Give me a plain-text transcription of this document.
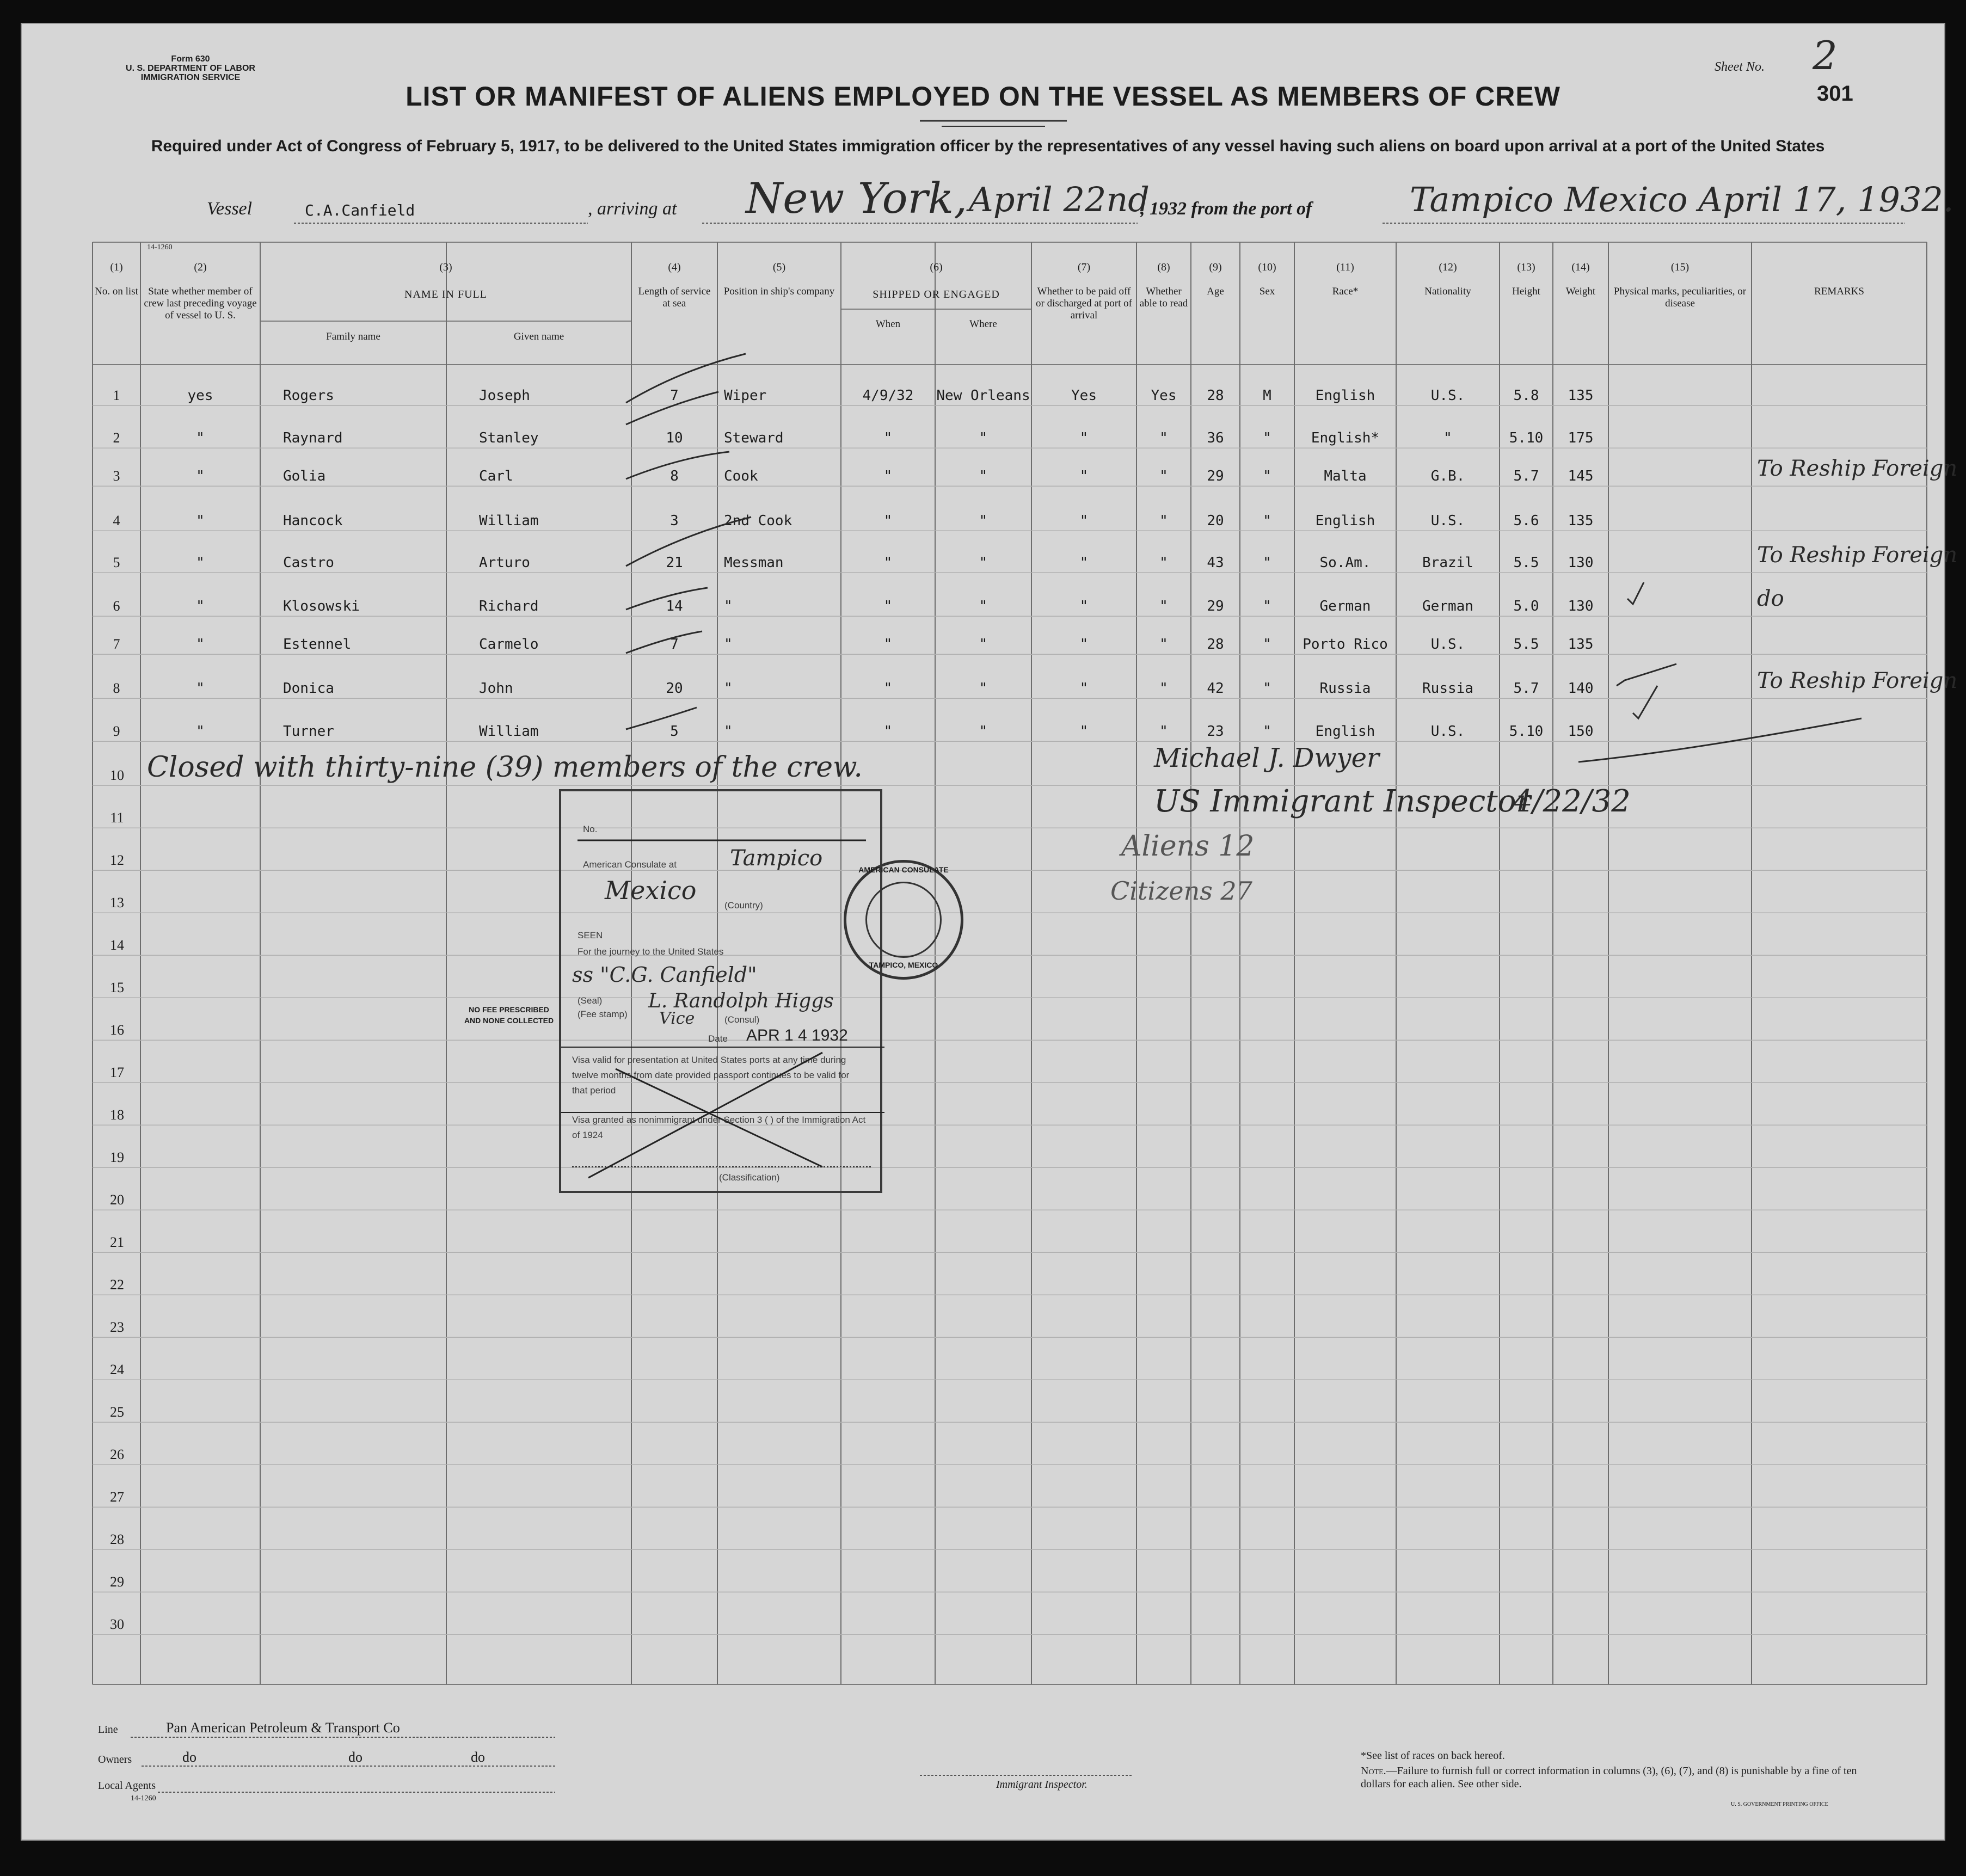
Form 630
U. S. DEPARTMENT OF LABOR
IMMIGRATION SERVICE
Sheet No. 2
301
LIST OR MANIFEST OF ALIENS EMPLOYED ON THE VESSEL AS MEMBERS OF CREW
Required under Act of Congress of February 5, 1917, to be delivered to the United States immigration officer by the representatives of any vessel having such aliens on board upon arrival at a port of the United States
Vessel	C.A.Canfield	, arriving at New York, April 22nd
, 1932 from the port of	Tampico Mexico April 17, 1932.
14-1260
(1)
No. on list
(2)
State whether member of crew last preceding voyage of vessel to U. S.
(3)
NAME IN FULL
Family name	Given name
(4)
Length of service at sea
(5)
Position in ship's company
(6)
SHIPPED OR ENGAGED
When	Where
(7)
Whether to be paid off or discharged at port of arrival
(8)
Whether able to read
(9)
Age
(10)
Sex
(11)
Race*
(12)
Nationality
(13)
Height
(14)
Weight
(15)
Physical marks, peculiarities, or disease
REMARKS
1	yes	Rogers	Joseph	7	Wiper	4/9/32	New Orleans	Yes	Yes	28	M	English	U.S.	5.8	135
2	"	Raynard	Stanley	10	Steward	"	"	"	"	36	"	English*	"	5.10	175
3	"	Golia	Carl	8	Cook	"	"	"	"	29	"	Malta	G.B.	5.7	145	To Reship Foreign
4	"	Hancock	William	3	2nd Cook	"	"	"	"	20	"	English	U.S.	5.6	135
5	"	Castro	Arturo	21	Messman	"	"	"	"	43	"	So.Am.	Brazil	5.5	130	To Reship Foreign
6	"	Klosowski	Richard	14	"	"	"	"	"	29	"	German	German	5.0	130	do
7	"	Estennel	Carmelo	7	"	"	"	"	"	28	"	Porto Rico	U.S.	5.5	135
8	"	Donica	John	20	"	"	"	"	"	42	"	Russia	Russia	5.7	140	To Reship Foreign
9	"	Turner	William	5	"	"	"	"	"	23	"	English	U.S.	5.10	150
10
11
12
13
14
15
16
17
18
19
20
21
22
23
24
25
26
27
28
29
30
Closed with thirty-nine (39) members of the crew.	Michael J. Dwyer
US Immigrant Inspector
4/22/32
Aliens 12
Citizens 27
No.
American Consulate at Tampico
Mexico
(Country)
SEEN
For the journey to the United States
ss "C.G. Canfield"
L. Randolph Higgs
Vice
(Seal)
(Consul)
(Fee stamp)
Date APR 1 4 1932
Visa valid for presentation at United States ports at any time during twelve months from date provided passport continues to be valid for that period
Visa granted as nonimmigrant under Section 3 ( ) of the Immigration Act of 1924
(Classification)
NO FEE PRESCRIBED AND NONE COLLECTED
AMERICAN CONSULATE
TAMPICO, MEXICO
Line	Pan American Petroleum & Transport Co
Owners	do	do	do
Local Agents
14-1260
Immigrant Inspector.
*See list of races on back hereof.
Note.—Failure to furnish full or correct information in columns (3), (6), (7), and (8) is punishable by a fine of ten dollars for each alien. See other side.
U. S. GOVERNMENT PRINTING OFFICE
